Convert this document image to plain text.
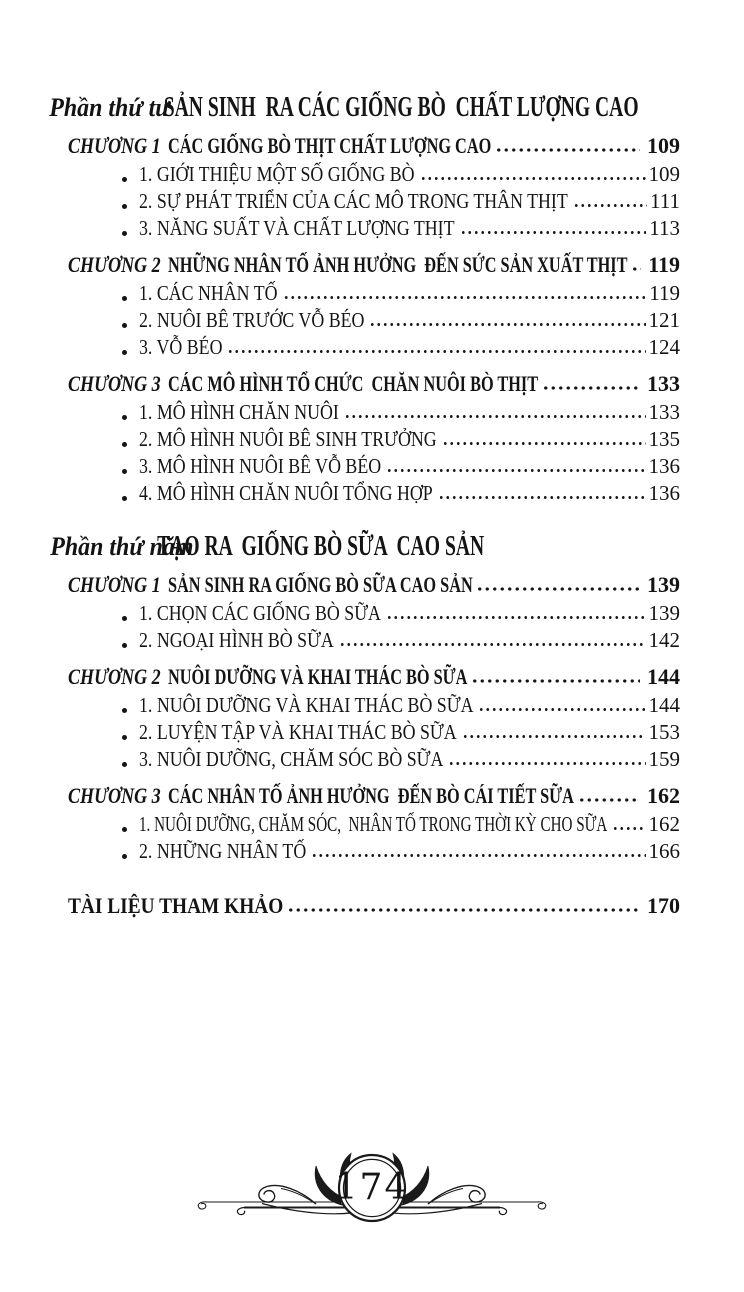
Phần thứ tư SẢN SINH  RA CÁC GIỐNG BÒ  CHẤT LƯỢNG CAO
CHƯƠNG 1 CÁC GIỐNG BÒ THỊT CHẤT LƯỢNG CAO	109
1. GIỚI THIỆU MỘT SỐ GIỐNG BÒ	109
2. SỰ PHÁT TRIỂN CỦA CÁC MÔ TRONG THÂN THỊT	111
3. NĂNG SUẤT VÀ CHẤT LƯỢNG THỊT	113
CHƯƠNG 2 NHỮNG NHÂN TỐ ẢNH HƯỞNG  ĐẾN SỨC SẢN XUẤT THỊT 119
1. CÁC NHÂN TỐ	119
2. NUÔI BÊ TRƯỚC VỖ BÉO	121
3. VỖ BÉO	124
CHƯƠNG 3 CÁC MÔ HÌNH TỔ CHỨC  CHĂN NUÔI BÒ THỊT	133
1. MÔ HÌNH CHĂN NUÔI	133
2. MÔ HÌNH NUÔI BÊ SINH TRƯỞNG	135
3. MÔ HÌNH NUÔI BÊ VỖ BÉO	136
4. MÔ HÌNH CHĂN NUÔI TỔNG HỢP	136
Phần thứ năm TẠO RA  GIỐNG BÒ SỮA  CAO SẢN
CHƯƠNG 1 SẢN SINH RA GIỐNG BÒ SỮA CAO SẢN	139
1. CHỌN CÁC GIỐNG BÒ SỮA	139
2. NGOẠI HÌNH BÒ SỮA	142
CHƯƠNG 2 NUÔI DƯỠNG VÀ KHAI THÁC BÒ SỮA	144
1. NUÔI DƯỠNG VÀ KHAI THÁC BÒ SỮA	144
2. LUYỆN TẬP VÀ KHAI THÁC BÒ SỮA	153
3. NUÔI DƯỠNG, CHĂM SÓC BÒ SỮA	159
CHƯƠNG 3 CÁC NHÂN TỐ ẢNH HƯỞNG  ĐẾN BÒ CÁI TIẾT SỮA	162
1. NUÔI DƯỠNG, CHĂM SÓC,  NHÂN TỐ TRONG THỜI KỲ CHO SỮA 162
2. NHỮNG NHÂN TỐ	166
TÀI LIỆU THAM KHẢO	170
174
